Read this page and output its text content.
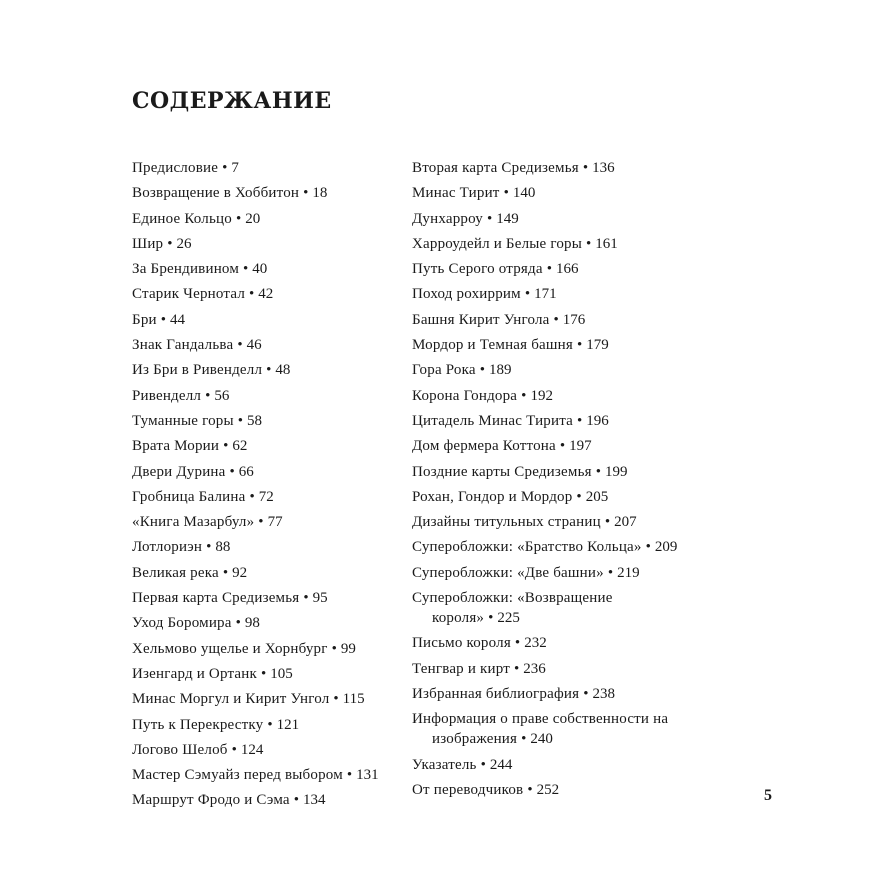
СОДЕРЖАНИЕ
Предисловие • 7
Возвращение в Хоббитон • 18
Единое Кольцо • 20
Шир • 26
За Брендивином • 40
Старик Чернотал • 42
Бри • 44
Знак Гандальва • 46
Из Бри в Ривенделл • 48
Ривенделл • 56
Туманные горы • 58
Врата Мории • 62
Двери Дурина • 66
Гробница Балина • 72
«Книга Мазарбул» • 77
Лотлориэн • 88
Великая река • 92
Первая карта Средиземья • 95
Уход Боромира • 98
Хельмово ущелье и Хорнбург • 99
Изенгард и Ортанк • 105
Минас Моргул и Кирит Унгол • 115
Путь к Перекрестку • 121
Логово Шелоб • 124
Мастер Сэмуайз перед выбором • 131
Маршрут Фродо и Сэма • 134
Вторая карта Средиземья • 136
Минас Тирит • 140
Дунхарроу • 149
Харроудейл и Белые горы • 161
Путь Серого отряда • 166
Поход рохиррим • 171
Башня Кирит Унгола • 176
Мордор и Темная башня • 179
Гора Рока • 189
Корона Гондора • 192
Цитадель Минас Тирита • 196
Дом фермера Коттона • 197
Поздние карты Средиземья • 199
Рохан, Гондор и Мордор • 205
Дизайны титульных страниц • 207
Суперобложки: «Братство Кольца» • 209
Суперобложки: «Две башни» • 219
Суперобложки: «Возвращение короля» • 225
Письмо короля • 232
Тенгвар и кирт • 236
Избранная библиография • 238
Информация о праве собственности на изображения • 240
Указатель • 244
От переводчиков • 252	5
